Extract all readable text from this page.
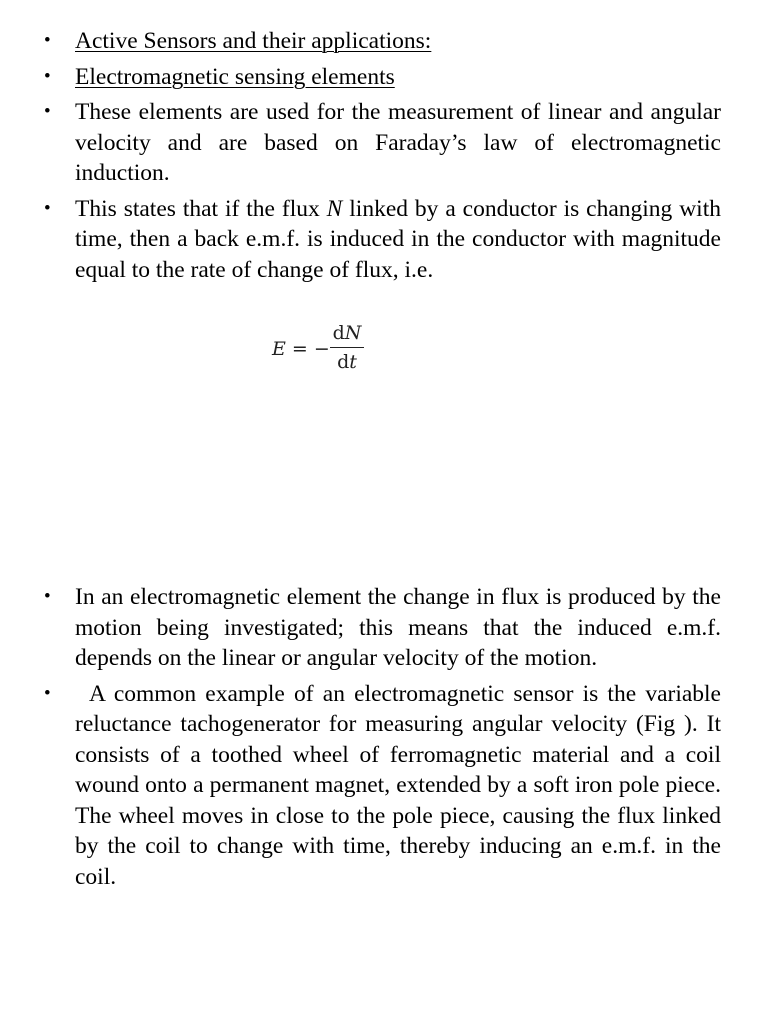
• Active Sensors and their applications:
• Electromagnetic sensing elements
• These elements are used for the measurement of linear and angular velocity and are based on Faraday’s law of electromagnetic induction.
• This states that if the flux N linked by a conductor is changing with time, then a back e.m.f. is induced in the conductor with magnitude equal to the rate of change of flux, i.e.
E = −
dN
dt
• In an electromagnetic element the change in flux is produced by the motion being investigated; this means that the induced e.m.f. depends on the linear or angular velocity of the motion.
• A common example of an electromagnetic sensor is the variable reluctance tachogenerator for measuring angular velocity (Fig ). It consists of a toothed wheel of ferromagnetic material and a coil wound onto a permanent magnet, extended by a soft iron pole piece. The wheel moves in close to the pole piece, causing the flux linked by the coil to change with time, thereby inducing an e.m.f. in the coil.
